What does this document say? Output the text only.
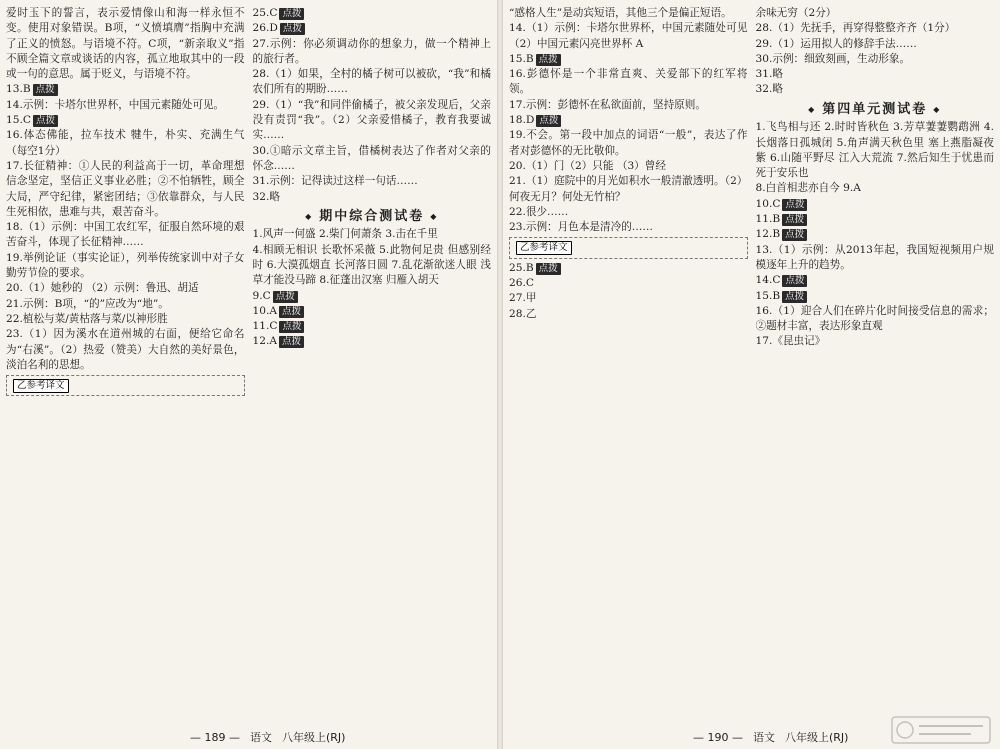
爱时玉下的誓言，表示爱情像山和海一样永恒不变。使用对象错误。B项，“义愤填膺”指胸中充满了正义的愤怒。与语境不符。C项，“新亲取义”指不顾全篇文章或谈话的内容，孤立地取其中的一段或一句的意思。属于贬义，与语境不符。

13.B 点拨

14.示例：卡塔尔世界杯，中国元素随处可见。

15.C 点拨

16.体态佛能，拉车技术 犍牛，朴实、充满生气（每空1分）

17.长征精神：①人民的利益高于一切，革命理想信念坚定，坚信正义事业必胜；②不怕牺牲，顾全大局，严守纪律，紧密团结；③依靠群众，与人民生死相依，患难与共，艰苦奋斗。

18.（1）示例：中国工农红军，征服自然环境的艰苦奋斗，体现了长征精神……

19.举例论证（事实论证），列举传统家训中对子女勤劳节俭的要求。

20.（1）她秒的 （2）示例：鲁迅、胡适

21.示例：B项，“的”应改为“地”。

22.植松与菜/黄枯落与菜/以神形胜

23.（1）因为溪水在道州城的右面，便给它命名为“右溪”。（2）热爱（赞美）大自然的美好景色，淡泊名利的思想。

乙参考译文

25.C 点拨

26.D 点拨

27.示例：你必须调动你的想象力，做一个精神上的旅行者。

28.（1）如果，全村的橘子树可以被砍，“我”和橘农们所有的期盼……

29.（1）“我”和同伴偷橘子，被父亲发现后，父亲没有责罚“我”。（2）父亲爱惜橘子，教育我要诚实……

30.①暗示文章主旨，借橘树表达了作者对父亲的怀念……

31.示例：记得读过这样一句话……

32.略

◆ 期中综合测试卷 ◆

1.风声一何盛 2.柴门何萧条 3.击在千里

4.相顾无相识 长歌怀采薇 5.此物何足贵 但感别经时 6.大漠孤烟直 长河落日圆 7.乱花渐欲迷人眼 浅草才能没马蹄 8.征蓬出汉塞 归雁入胡天

9.C 点拨

10.A 点拨

11.C 点拨

12.A 点拨

— 189 —	语文 八年级上(RJ)

“感格人生”是动宾短语，其他三个是偏正短语。

14.（1）示例：卡塔尔世界杯，中国元素随处可见（2）中国元素闪亮世界杯 A

15.B 点拨

16.彭德怀是一个非常直爽、关爱部下的红军将领。

17.示例：彭德怀在私欲面前，坚持原则。

18.D 点拨

19.不会。第一段中加点的词语“一般”，表达了作者对彭德怀的无比敬仰。

20.（1）门（2）只能 （3）曾经

21.（1）庭院中的月光如积水一般清澈透明。（2）何夜无月？何处无竹柏？

22.很少……

23.示例：月色本是清冷的……

乙参考译文

25.B 点拨

26.C

27.甲

28.乙

余味无穷（2分）

28.（1）先抚手，再穿得整整齐齐（1分）

29.（1）运用拟人的修辞手法……

30.示例：细致刻画，生动形象。

31.略

32.略

◆ 第四单元测试卷 ◆

1.飞鸟相与还 2.时时皆秋色 3.芳草萋萋鹦鹉洲 4.长烟落日孤城闭 5.角声满天秋色里 塞上燕脂凝夜紫 6.山随平野尽 江入大荒流 7.然后知生于忧患而死于安乐也

8.白首相悲亦自今 9.A

10.C 点拨

11.B 点拨

12.B 点拨

13.（1）示例：从2013年起，我国短视频用户规模逐年上升的趋势。

14.C 点拨

15.B 点拨

16.（1）迎合人们在碎片化时间接受信息的需求；②题材丰富，表达形象直观

17.《昆虫记》

— 190 —	语文 八年级上(RJ)
